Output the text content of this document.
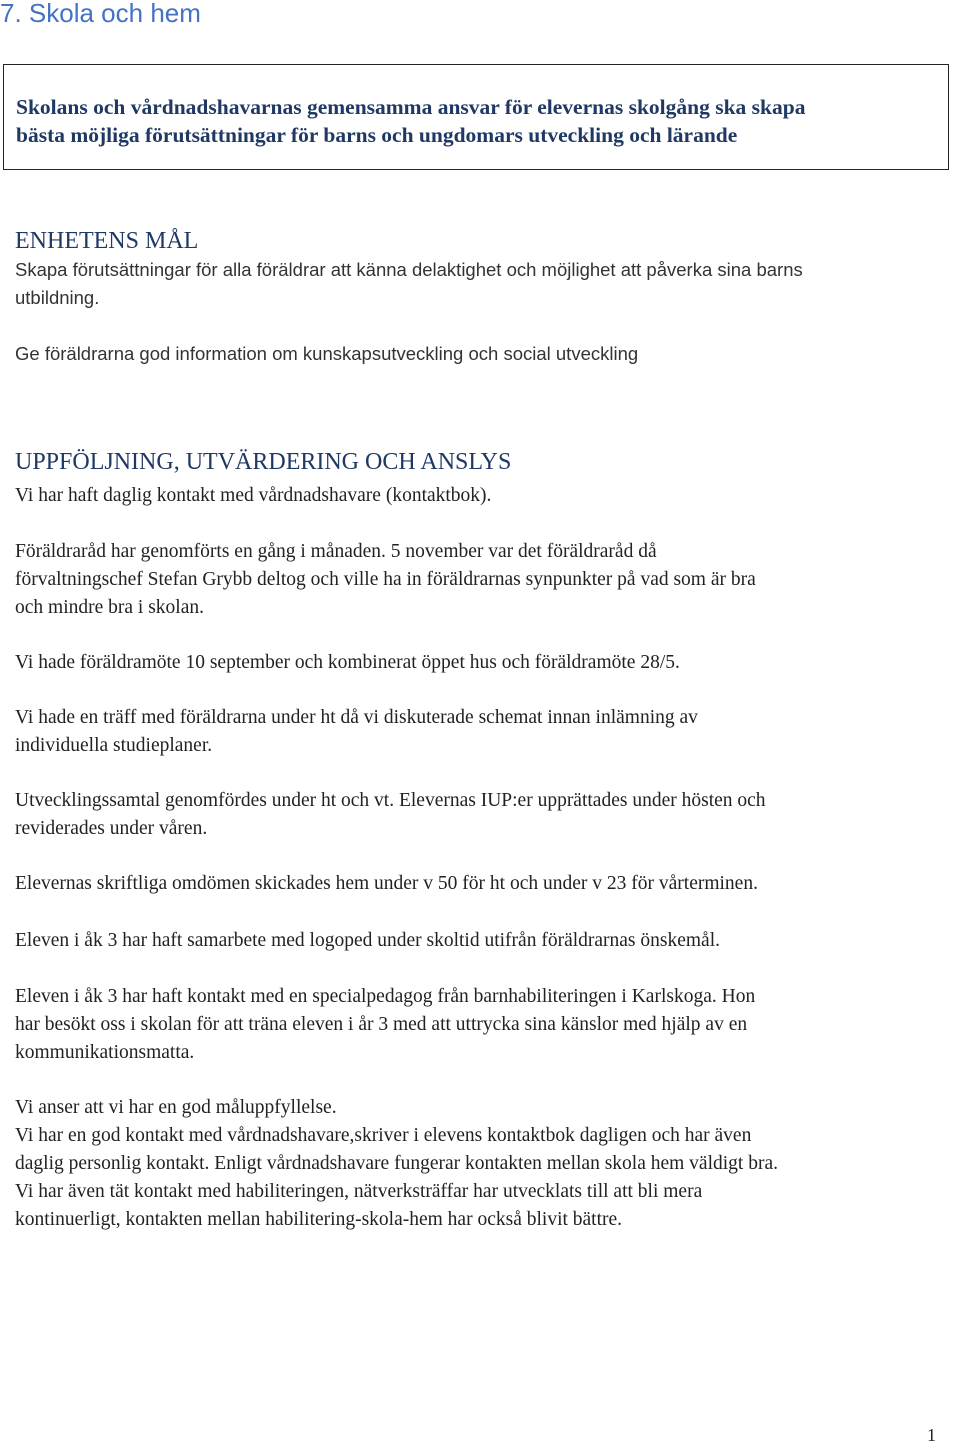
7. Skola och hem

Skolans och vårdnadshavarnas gemensamma ansvar för elevernas skolgång ska skapa
bästa möjliga förutsättningar för barns och ungdomars utveckling och lärande

ENHETENS MÅL

Skapa förutsättningar för alla föräldrar att känna delaktighet och möjlighet att påverka sina barns
utbildning.

Ge föräldrarna god information om kunskapsutveckling och social utveckling

UPPFÖLJNING, UTVÄRDERING OCH ANSLYS

Vi har haft daglig kontakt med vårdnadshavare (kontaktbok).

Föräldraråd har genomförts en gång i månaden. 5 november var det föräldraråd då
förvaltningschef Stefan Grybb deltog och ville ha in föräldrarnas synpunkter på vad som är bra
och mindre bra i skolan.

Vi hade föräldramöte 10 september och kombinerat öppet hus och föräldramöte 28/5.

Vi hade en träff med föräldrarna under ht då vi diskuterade schemat innan inlämning av
individuella studieplaner.

Utvecklingssamtal genomfördes under ht och vt. Elevernas IUP:er upprättades under hösten och
reviderades under våren.

Elevernas skriftliga omdömen skickades hem under v 50 för ht och under v 23 för vårterminen.

Eleven i åk 3 har haft samarbete med logoped under skoltid utifrån föräldrarnas önskemål.

Eleven i åk 3 har haft kontakt med en specialpedagog från barnhabiliteringen i Karlskoga. Hon
har besökt oss i skolan för att träna eleven i år 3 med att uttrycka sina känslor med hjälp av en
kommunikationsmatta.

Vi anser att vi har en god måluppfyllelse.
Vi har en god kontakt med vårdnadshavare,skriver i elevens kontaktbok dagligen och har även
daglig personlig kontakt. Enligt vårdnadshavare fungerar kontakten mellan skola hem väldigt bra.
Vi har även tät kontakt med habiliteringen, nätverksträffar har utvecklats till att bli mera
kontinuerligt, kontakten mellan habilitering-skola-hem har också blivit bättre.

1
